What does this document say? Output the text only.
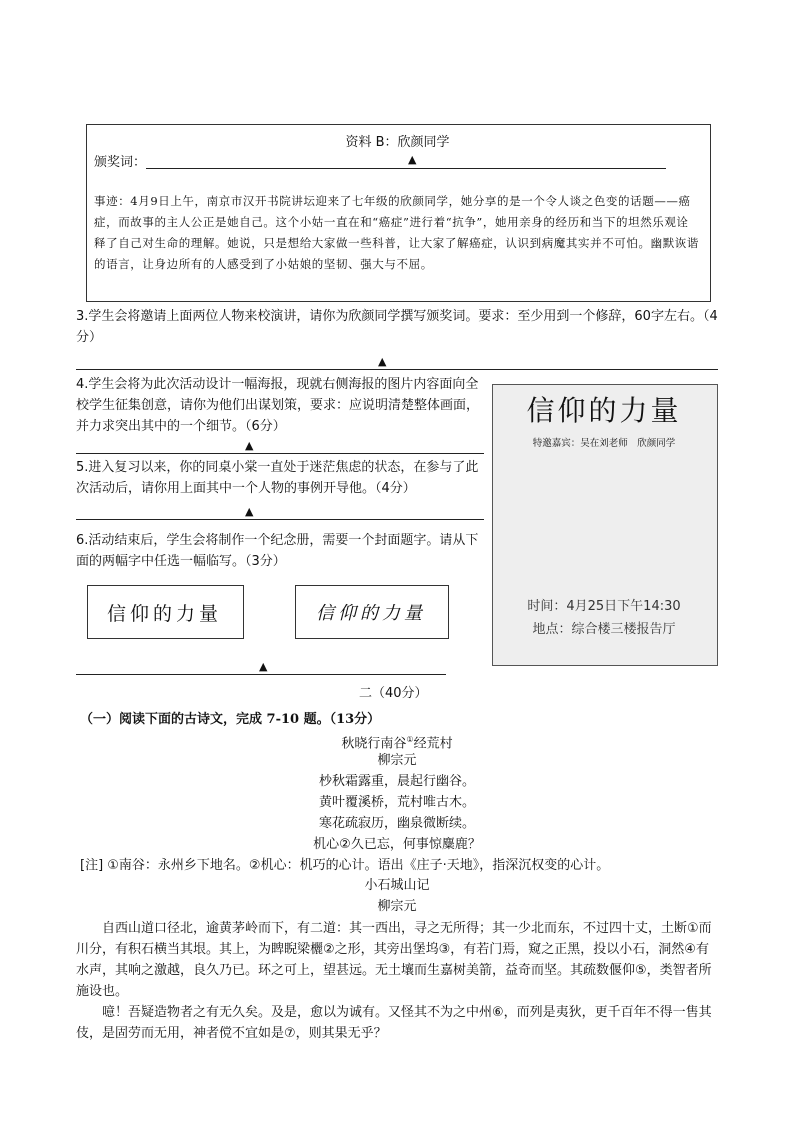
资料 B：欣颜同学
颁奖词：	▲
事迹：4月9日上午，南京市汉开书院讲坛迎来了七年级的欣颜同学，她分享的是一个令人谈之色变的话题——癌症，而故事的主人公正是她自己。这个小姑一直在和“癌症”进行着“抗争”，她用亲身的经历和当下的坦然乐观诠释了自己对生命的理解。她说，只是想给大家做一些科普，让大家了解癌症，认识到病魔其实并不可怕。幽默诙谐的语言，让身边所有的人感受到了小姑娘的坚韧、强大与不屈。
3.学生会将邀请上面两位人物来校演讲，请你为欣颜同学撰写颁奖词。要求：至少用到一个修辞，60字左右。（4分）
▲
4.学生会将为此次活动设计一幅海报，现就右侧海报的图片内容面向全校学生征集创意，请你为他们出谋划策，要求：应说明清楚整体画面，并力求突出其中的一个细节。（6分）
▲
5.进入复习以来，你的同桌小棠一直处于迷茫焦虑的状态，在参与了此次活动后，请你用上面其中一个人物的事例开导他。（4分）
▲
6.活动结束后，学生会将制作一个纪念册，需要一个封面题字。请从下面的两幅字中任选一幅临写。（3分）
信仰的力量	信仰的力量
▲
信仰的力量
特邀嘉宾：吴在刘老师　欣颜同学
时间：4月25日下午14:30
地点：综合楼三楼报告厅
二（40分）
（一）阅读下面的古诗文，完成 7-10 题。（13分）
秋晓行南谷①经荒村
柳宗元
杪秋霜露重，晨起行幽谷。
黄叶覆溪桥，荒村唯古木。
寒花疏寂历，幽泉微断续。
机心②久已忘，何事惊麋鹿？
[注] ①南谷：永州乡下地名。②机心：机巧的心计。语出《庄子·天地》，指深沉权变的心计。
小石城山记
柳宗元
自西山道口径北，逾黄茅岭而下，有二道：其一西出，寻之无所得；其一少北而东，不过四十丈，土断①而川分，有积石横当其垠。其上，为睥睨梁欐②之形，其旁出堡坞③，有若门焉，窥之正黑，投以小石，洞然④有水声，其响之激越，良久乃已。环之可上，望甚远。无土壤而生嘉树美箭，益奇而坚。其疏数偃仰⑤，类智者所施设也。
噫！吾疑造物者之有无久矣。及是，愈以为诚有。又怪其不为之中州⑥，而列是夷狄，更千百年不得一售其伎，是固劳而无用，神者傥不宜如是⑦，则其果无乎？
